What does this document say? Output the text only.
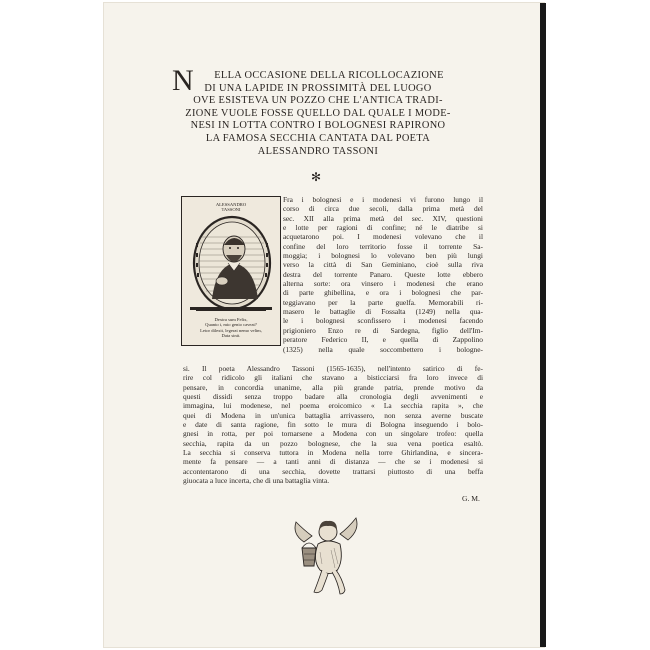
N	ELLA OCCASIONE DELLA RICOLLOCAZIONE
DI UNA LAPIDE IN PROSSIMITÀ DEL LUOGO
OVE ESISTEVA UN POZZO CHE L'ANTICA TRADI-
ZIONE VUOLE FOSSE QUELLO DAL QUALE I MODE-
NESI IN LOTTA CONTRO I BOLOGNESI RAPIRONO
LA FAMOSA SECCHIA CANTATA DAL POETA
ALESSANDRO TASSONI
✻
ALESSANDRO
TASSONI
Dextra sum Felix,
Quanto i, mio genio caveat?
Letor dilexit, legerat nemo velim,
Data sinit.
Fra i bolognesi e i modenesi vi furono lungo il
corso di circa due secoli, dalla prima metà del
sec. XII alla prima metà del sec. XIV, questioni
e lotte per ragioni di confine; né le diatribe si
acquetarono poi. I modenesi volevano che il
confine del loro territorio fosse il torrente Sa-
moggia; i bolognesi lo volevano ben più lungi
verso la città di San Geminiano, cioè sulla riva
destra del torrente Panaro. Queste lotte ebbero
alterna sorte: ora vinsero i modenesi che erano
di parte ghibellina, e ora i bolognesi che par-
teggiavano per la parte guelfa. Memorabili ri-
masero le battaglie di Fossalta (1249) nella qua-
le i bolognesi sconfissero i modenesi facendo
prigioniero Enzo re di Sardegna, figlio dell'Im-
peratore Federico II, e quella di Zappolino
(1325) nella quale soccombettero i bologne-
si. Il poeta Alessandro Tassoni (1565-1635), nell'intento satirico di fe-
rire col ridicolo gli italiani che stavano a bisticciarsi fra loro invece di
pensare, in concordia unanime, alla più grande patria, prende motivo da
questi dissidi senza troppo badare alla cronologia degli avvenimenti e
immagina, lui modenese, nel poema eroicomico « La secchia rapita », che
quei di Modena in un'unica battaglia arrivassero, non senza averne buscate
e date di santa ragione, fin sotto le mura di Bologna inseguendo i bolo-
gnesi in rotta, per poi tornarsene a Modena con un singolare trofeo: quella
secchia, rapita da un pozzo bolognese, che la sua vena poetica esaltò.
La secchia si conserva tuttora in Modena nella torre Ghirlandina, e sincera-
mente fa pensare — a tanti anni di distanza — che se i modenesi si
accontentarono di una secchia, dovette trattarsi piuttosto di una beffa
giuocata a luce incerta, che di una battaglia vinta.
G. M.
